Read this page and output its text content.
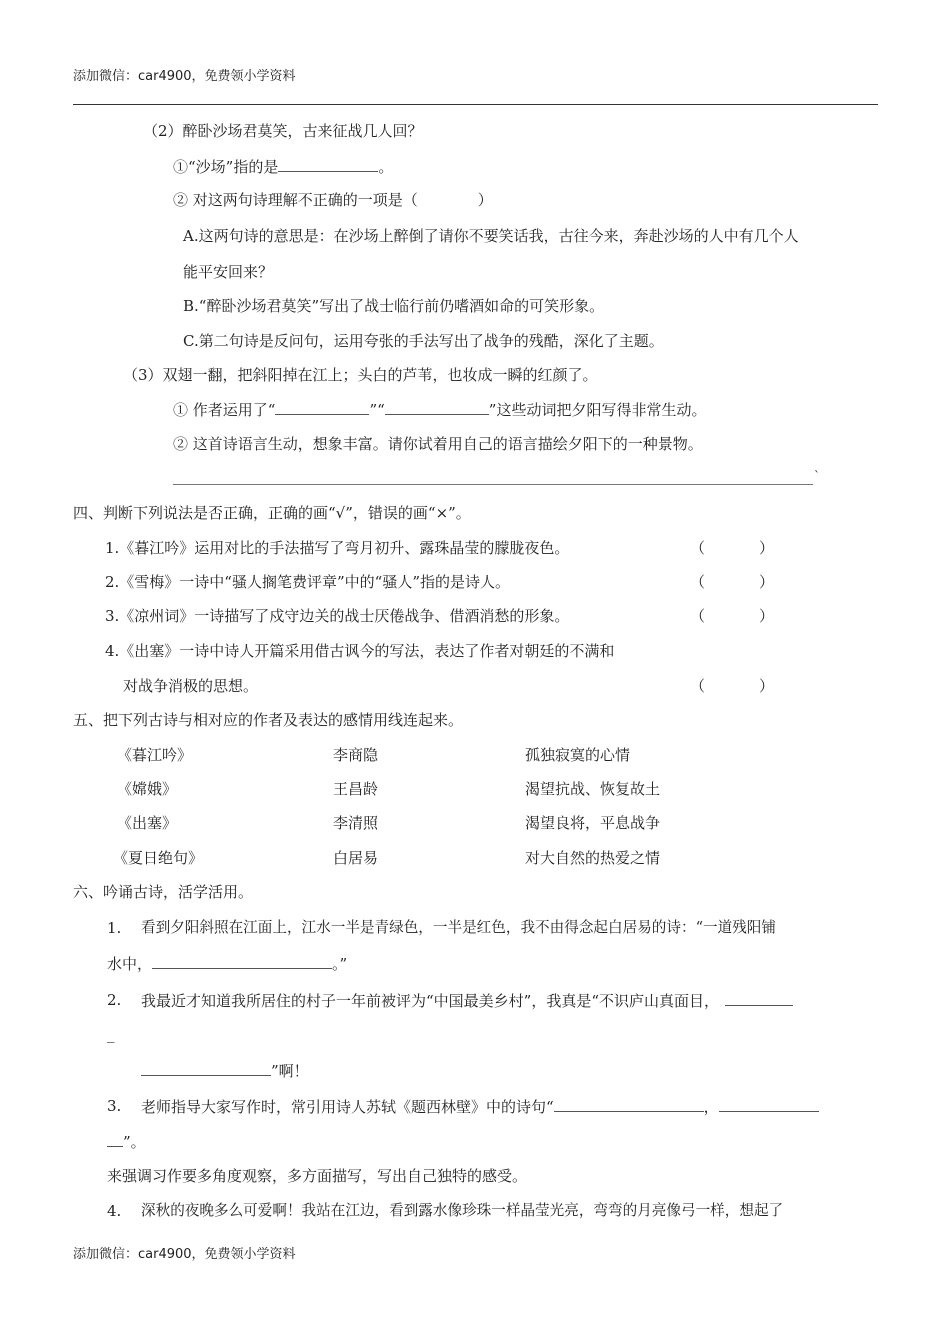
添加微信：car4900，免费领小学资料
（2）醉卧沙场君莫笑，古来征战几人回？
①“沙场”指的是	。
② 对这两句诗理解不正确的一项是（	）
A.这两句诗的意思是：在沙场上醉倒了请你不要笑话我，古往今来，奔赴沙场的人中有几个人
能平安回来？
B.“醉卧沙场君莫笑”写出了战士临行前仍嗜酒如命的可笑形象。
C.第二句诗是反问句，运用夸张的手法写出了战争的残酷，深化了主题。
（3）双翅一翻，把斜阳掉在江上；头白的芦苇，也妆成一瞬的红颜了。
① 作者运用了“	”“	”这些动词把夕阳写得非常生动。
② 这首诗语言生动，想象丰富。请你试着用自己的语言描绘夕阳下的一种景物。
`
四、判断下列说法是否正确，正确的画“√”，错误的画“×”。
1.《暮江吟》运用对比的手法描写了弯月初升、露珠晶莹的朦胧夜色。	（	）
2.《雪梅》一诗中“骚人搁笔费评章”中的“骚人”指的是诗人。	（	）
3.《凉州词》一诗描写了戍守边关的战士厌倦战争、借酒消愁的形象。	（	）
4.《出塞》一诗中诗人开篇采用借古讽今的写法，表达了作者对朝廷的不满和
对战争消极的思想。	（	）
五、把下列古诗与相对应的作者及表达的感情用线连起来。
《暮江吟》	李商隐	孤独寂寞的心情
《嫦娥》	王昌龄	渴望抗战、恢复故土
《出塞》	李清照	渴望良将，平息战争
《夏日绝句》	白居易	对大自然的热爱之情
六、吟诵古诗，活学活用。
1. 看到夕阳斜照在江面上，江水一半是青绿色，一半是红色，我不由得念起白居易的诗：“一道残阳铺
水中，	。”
2. 我最近才知道我所居住的村子一年前被评为“中国最美乡村”，我真是“不识庐山真面目，
_
”啊！
3. 老师指导大家写作时，常引用诗人苏轼《题西林壁》中的诗句“	，
”。
来强调习作要多角度观察，多方面描写，写出自己独特的感受。
4. 深秋的夜晚多么可爱啊！我站在江边，看到露水像珍珠一样晶莹光亮，弯弯的月亮像弓一样，想起了
添加微信：car4900，免费领小学资料
